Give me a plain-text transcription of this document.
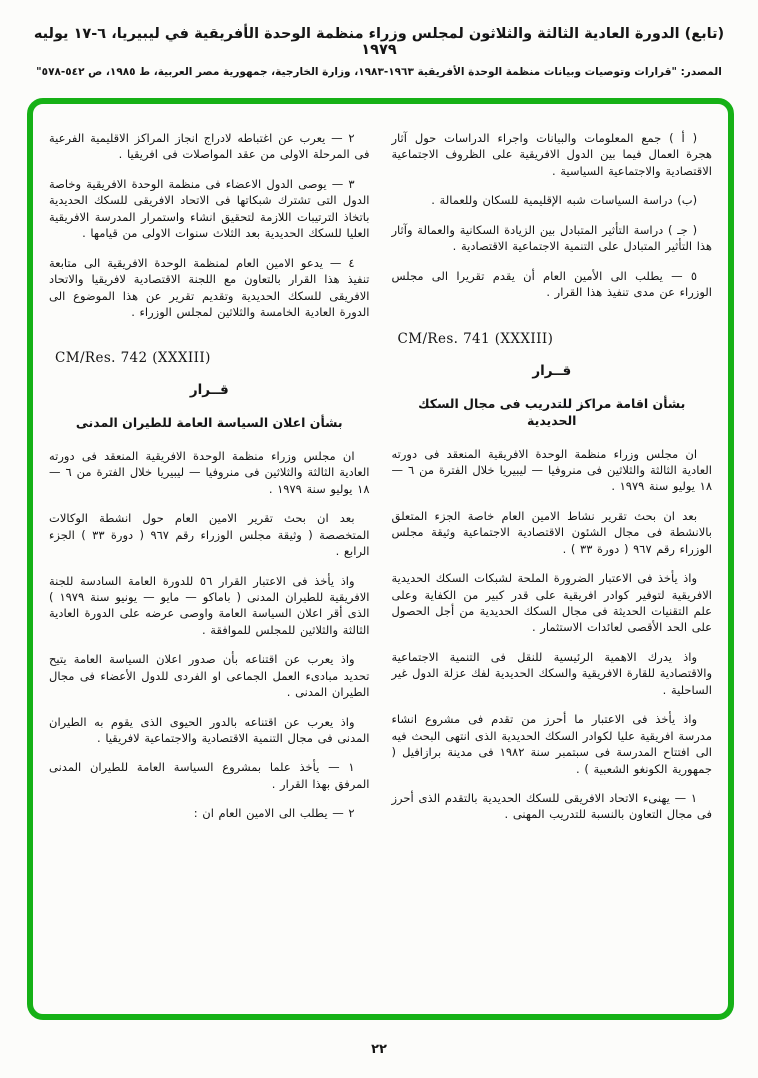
(تابع) الدورة العادية الثالثة والثلاثون لمجلس وزراء منظمة الوحدة الأفريقية في ليبيريا، ٦-١٧ يوليه ١٩٧٩
المصدر: "قرارات وتوصيات وبيانات منظمة الوحدة الأفريقية ١٩٦٣-١٩٨٣، وزارة الخارجية، جمهورية مصر العربية، ط ١٩٨٥، ص ٥٤٢-٥٧٨"

( أ ) جمع المعلومات والبيانات واجراء الدراسات حول آثار هجرة العمال فيما بين الدول الافريقية على الظروف الاجتماعية الاقتصادية والاجتماعية السياسية .

(ب) دراسة السياسات شبه الإقليمية للسكان وللعمالة .

( جـ ) دراسة التأثير المتبادل بين الزيادة السكانية والعمالة وآثار هذا التأثير المتبادل على التنمية الاجتماعية الاقتصادية .

٥ — يطلب الى الأمين العام أن يقدم تقريرا الى مجلس الوزراء عن مدى تنفيذ هذا القرار .

CM/Res. 741 (XXXIII)
قــرار
بشأن اقامة مراكز للتدريب فى مجال السكك الحديدية

ان مجلس وزراء منظمة الوحدة الافريقية المنعقد فى دورته العادية الثالثة والثلاثين فى منروفيا — ليبيريا خلال الفترة من ٦ — ١٨ يوليو سنة ١٩٧٩ .

بعد ان بحث تقرير نشاط الامين العام خاصة الجزء المتعلق بالانشطة فى مجال الشئون الاقتصادية الاجتماعية وثيقة مجلس الوزراء رقم ٩٦٧ ( دورة ٣٣ ) .

واذ يأخذ فى الاعتبار الضرورة الملحة لشبكات السكك الحديدية الافريقية لتوفير كوادر افريقية على قدر كبير من الكفاية وعلى علم التقنيات الحديثة فى مجال السكك الحديدية من أجل الحصول على الحد الأقصى لعائدات الاستثمار .

واذ يدرك الاهمية الرئيسية للنقل فى التنمية الاجتماعية والاقتصادية للقارة الافريقية والسكك الحديدية لفك عزلة الدول غير الساحلية .

واذ يأخذ فى الاعتبار ما أحرز من تقدم فى مشروع انشاء مدرسة افريقية عليا لكوادر السكك الحديدية الذى انتهى البحث فيه الى افتتاح المدرسة فى سبتمبر سنة ١٩٨٢ فى مدينة برازافيل ( جمهورية الكونغو الشعبية ) .

١ — يهنىء الاتحاد الافريقى للسكك الحديدية بالتقدم الذى أحرز فى مجال التعاون بالنسبة للتدريب المهنى .

٢ — يعرب عن اغتباطه لادراج انجاز المراكز الاقليمية الفرعية فى المرحلة الاولى من عقد المواصلات فى افريقيا .

٣ — يوصى الدول الاعضاء فى منظمة الوحدة الافريقية وخاصة الدول التى تشترك شبكاتها فى الاتحاد الافريقى للسكك الحديدية باتخاذ الترتيبات اللازمة لتحقيق انشاء واستمرار المدرسة الافريقية العليا للسكك الحديدية بعد الثلاث سنوات الاولى من قيامها .

٤ — يدعو الامين العام لمنظمة الوحدة الافريقية الى متابعة تنفيذ هذا القرار بالتعاون مع اللجنة الاقتصادية لافريقيا والاتحاد الافريقى للسكك الحديدية وتقديم تقرير عن هذا الموضوع الى الدورة العادية الخامسة والثلاثين لمجلس الوزراء .

CM/Res. 742 (XXXIII)
قــرار
بشأن اعلان السياسة العامة للطيران المدنى

ان مجلس وزراء منظمة الوحدة الافريقية المنعقد فى دورته العادية الثالثة والثلاثين فى منروفيا — ليبيريا خلال الفترة من ٦ — ١٨ يوليو سنة ١٩٧٩ .

بعد ان بحث تقرير الامين العام حول انشطة الوكالات المتخصصة ( وثيقة مجلس الوزراء رقم ٩٦٧ ( دورة ٣٣ ) الجزء الرابع .

واذ يأخذ فى الاعتبار القرار ٥٦ للدورة العامة السادسة للجنة الافريقية للطيران المدنى ( باماكو — مايو — يونيو سنة ١٩٧٩ ) الذى أقر اعلان السياسة العامة واوصى عرضه على الدورة العادية الثالثة والثلاثين للمجلس للموافقة .

واذ يعرب عن اقتناعه بأن صدور اعلان السياسة العامة يتيح تحديد مبادىء العمل الجماعى او الفردى للدول الأعضاء فى مجال الطيران المدنى .

واذ يعرب عن اقتناعه بالدور الحيوى الذى يقوم به الطيران المدنى فى مجال التنمية الاقتصادية والاجتماعية لافريقيا .

١ — يأخذ علما بمشروع السياسة العامة للطيران المدنى المرفق بهذا القرار .

٢ — يطلب الى الامين العام ان :

٢٢
